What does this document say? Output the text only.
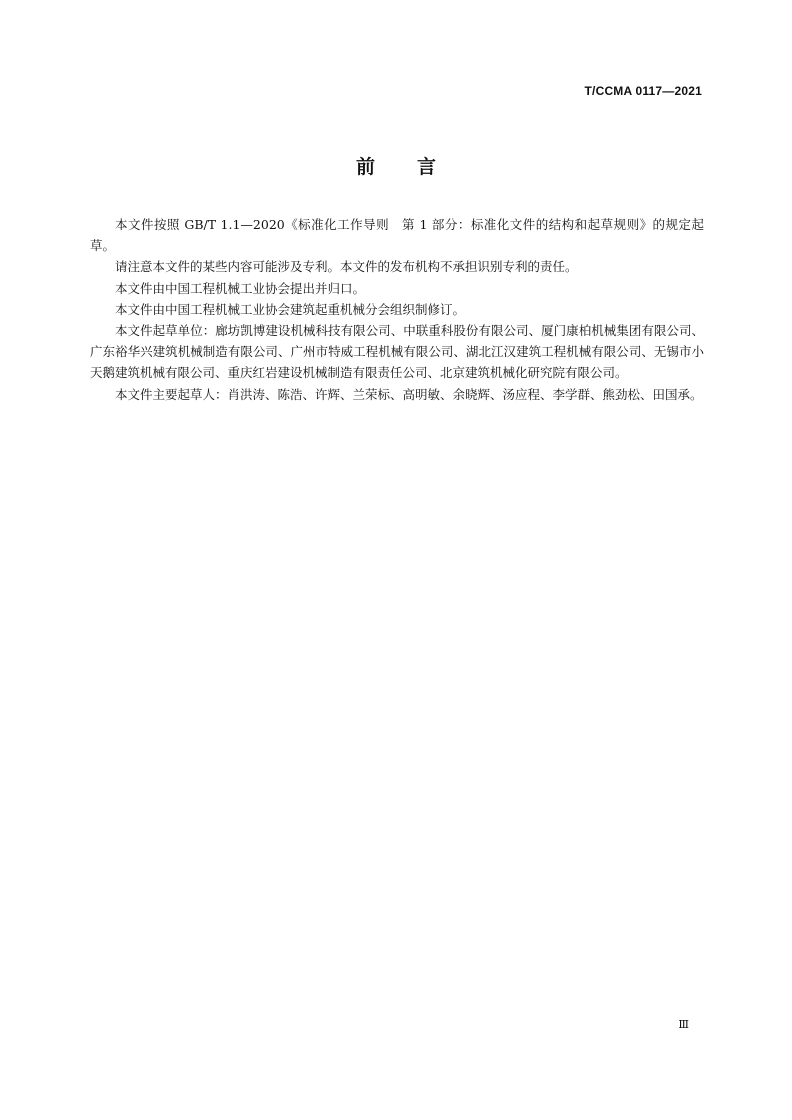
T/CCMA 0117—2021
前言

本文件按照 GB/T 1.1—2020《标准化工作导则　第 1 部分：标准化文件的结构和起草规则》的规定起草。

请注意本文件的某些内容可能涉及专利。本文件的发布机构不承担识别专利的责任。

本文件由中国工程机械工业协会提出并归口。

本文件由中国工程机械工业协会建筑起重机械分会组织制修订。

本文件起草单位：廊坊凯博建设机械科技有限公司、中联重科股份有限公司、厦门康柏机械集团有限公司、广东裕华兴建筑机械制造有限公司、广州市特威工程机械有限公司、湖北江汉建筑工程机械有限公司、无锡市小天鹅建筑机械有限公司、重庆红岩建设机械制造有限责任公司、北京建筑机械化研究院有限公司。

本文件主要起草人：肖洪涛、陈浩、许辉、兰荣标、高明敏、余晓辉、汤应程、李学群、熊劲松、田国承。

Ⅲ
